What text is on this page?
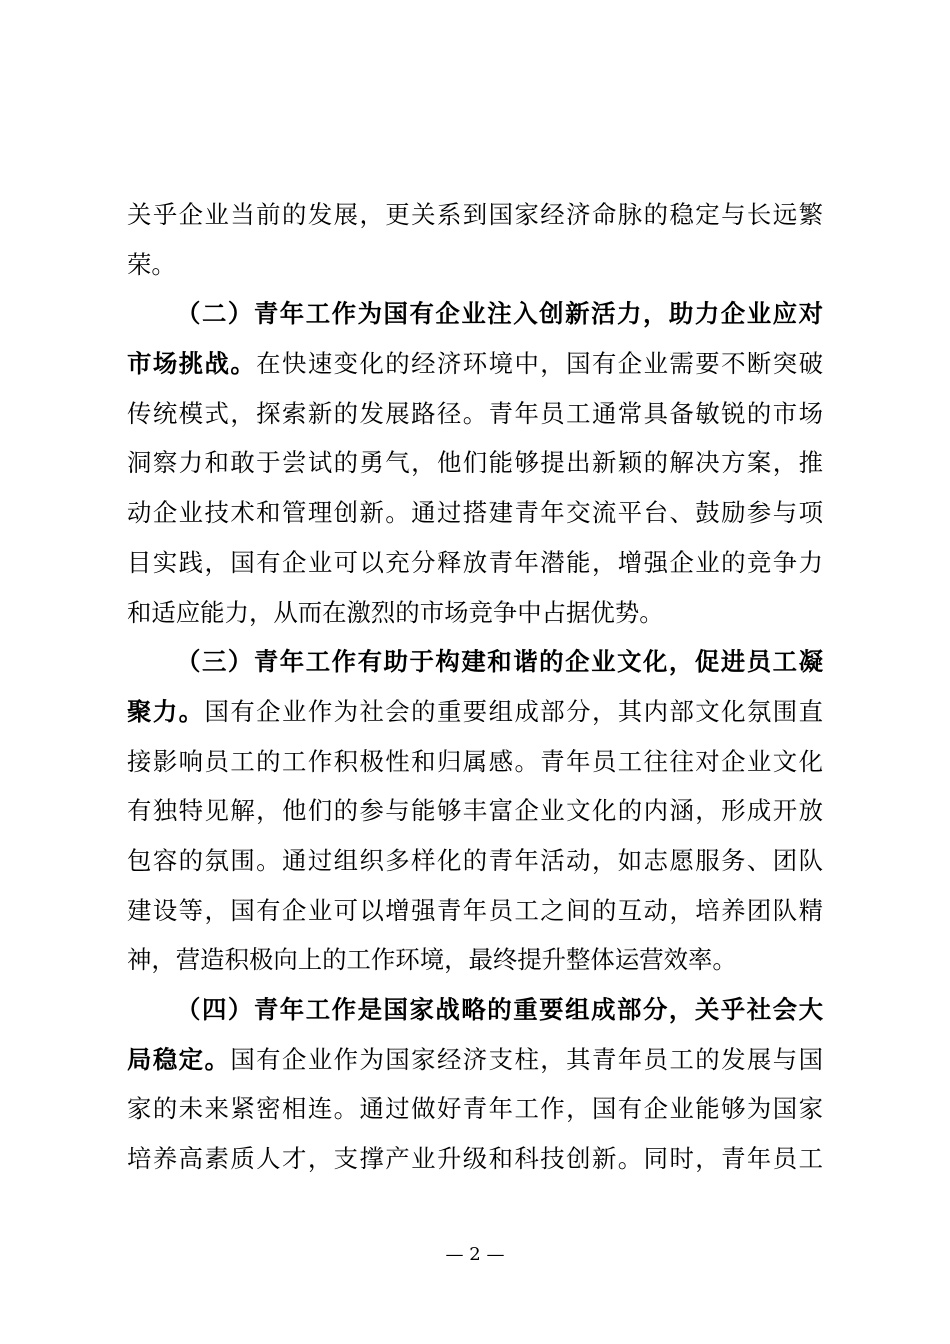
关乎企业当前的发展，更关系到国家经济命脉的稳定与长远繁
荣。
（二）青年工作为国有企业注入创新活力，助力企业应对
市场挑战。在快速变化的经济环境中，国有企业需要不断突破
传统模式，探索新的发展路径。青年员工通常具备敏锐的市场
洞察力和敢于尝试的勇气，他们能够提出新颖的解决方案，推
动企业技术和管理创新。通过搭建青年交流平台、鼓励参与项
目实践，国有企业可以充分释放青年潜能，增强企业的竞争力
和适应能力，从而在激烈的市场竞争中占据优势。
（三）青年工作有助于构建和谐的企业文化，促进员工凝
聚力。国有企业作为社会的重要组成部分，其内部文化氛围直
接影响员工的工作积极性和归属感。青年员工往往对企业文化
有独特见解，他们的参与能够丰富企业文化的内涵，形成开放
包容的氛围。通过组织多样化的青年活动，如志愿服务、团队
建设等，国有企业可以增强青年员工之间的互动，培养团队精
神，营造积极向上的工作环境，最终提升整体运营效率。
（四）青年工作是国家战略的重要组成部分，关乎社会大
局稳定。国有企业作为国家经济支柱，其青年员工的发展与国
家的未来紧密相连。通过做好青年工作，国有企业能够为国家
培养高素质人才，支撑产业升级和科技创新。同时，青年员工
— 2 —
